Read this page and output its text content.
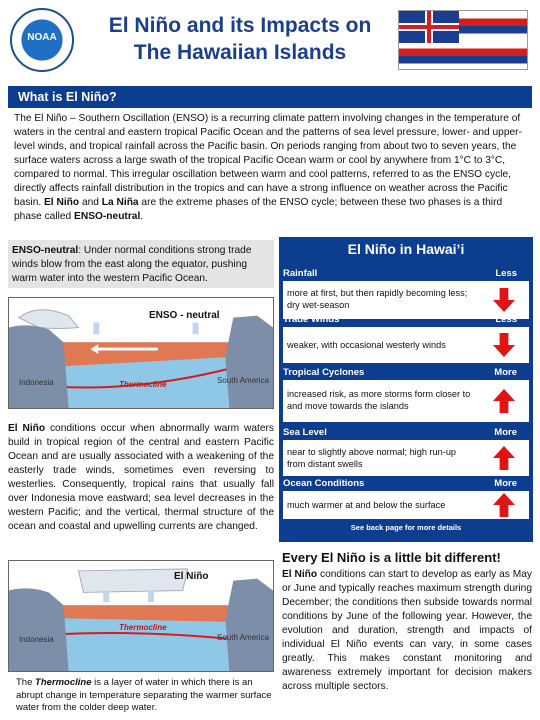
NOAA
El Niño and its Impacts on
The Hawaiian Islands
What is El Niño?
The El Niño – Southern Oscillation (ENSO) is a recurring climate pattern involving changes in the temperature of waters in the central and eastern tropical Pacific Ocean and the patterns of sea level pressure, lower- and upper-level winds, and tropical rainfall across the Pacific basin. On periods ranging from about two to seven years, the surface waters across a large swath of the tropical Pacific Ocean warm or cool by anywhere from 1°C to 3°C, compared to normal. This irregular oscillation between warm and cool patterns, referred to as the ENSO cycle, directly affects rainfall distribution in the tropics and can have a strong influence on weather across the Pacific basin. El Niño and La Niña are the extreme phases of the ENSO cycle; between these two phases is a third phase called ENSO-neutral.
ENSO-neutral: Under normal conditions strong trade winds blow from the east along the equator, pushing warm water into the western Pacific Ocean.
ENSO - neutral
Indonesia	South America
Thermocline
El Niño conditions occur when abnormally warm waters build in tropical region of the central and eastern Pacific Ocean and are usually associated with a weakening of the easterly trade winds, sometimes even reversing to westerlies. Consequently, tropical rains that usually fall over Indonesia move eastward; sea level decreases in the western Pacific; and the vertical, thermal structure of the ocean and coastal and upwelling currents are changed.
El Niño
Indonesia	South America
Thermocline
The Thermocline is a layer of water in which there is an abrupt change in temperature separating the warmer surface water from the colder deep water.
El Niño in Hawai’i
Rainfall	Less
more at first, but then rapidly becoming less; dry wet-season
Trade Winds	Less
weaker, with occasional westerly winds
Tropical Cyclones	More
increased risk, as more storms form closer to and move towards the islands
Sea Level	More
near to slightly above normal; high run-up from distant swells
Ocean Conditions	More
much warmer at and below the surface
See back page for more details
Every El Niño is a little bit different!
El Niño conditions can start to develop as early as May or June and typically reaches maximum strength during December; the conditions then subside towards normal conditions by June of the following year. However, the evolution and duration, strength and impacts of individual El Niño events can vary, in some cases greatly. This makes constant monitoring and awareness extremely important for decision makers across multiple sectors.
